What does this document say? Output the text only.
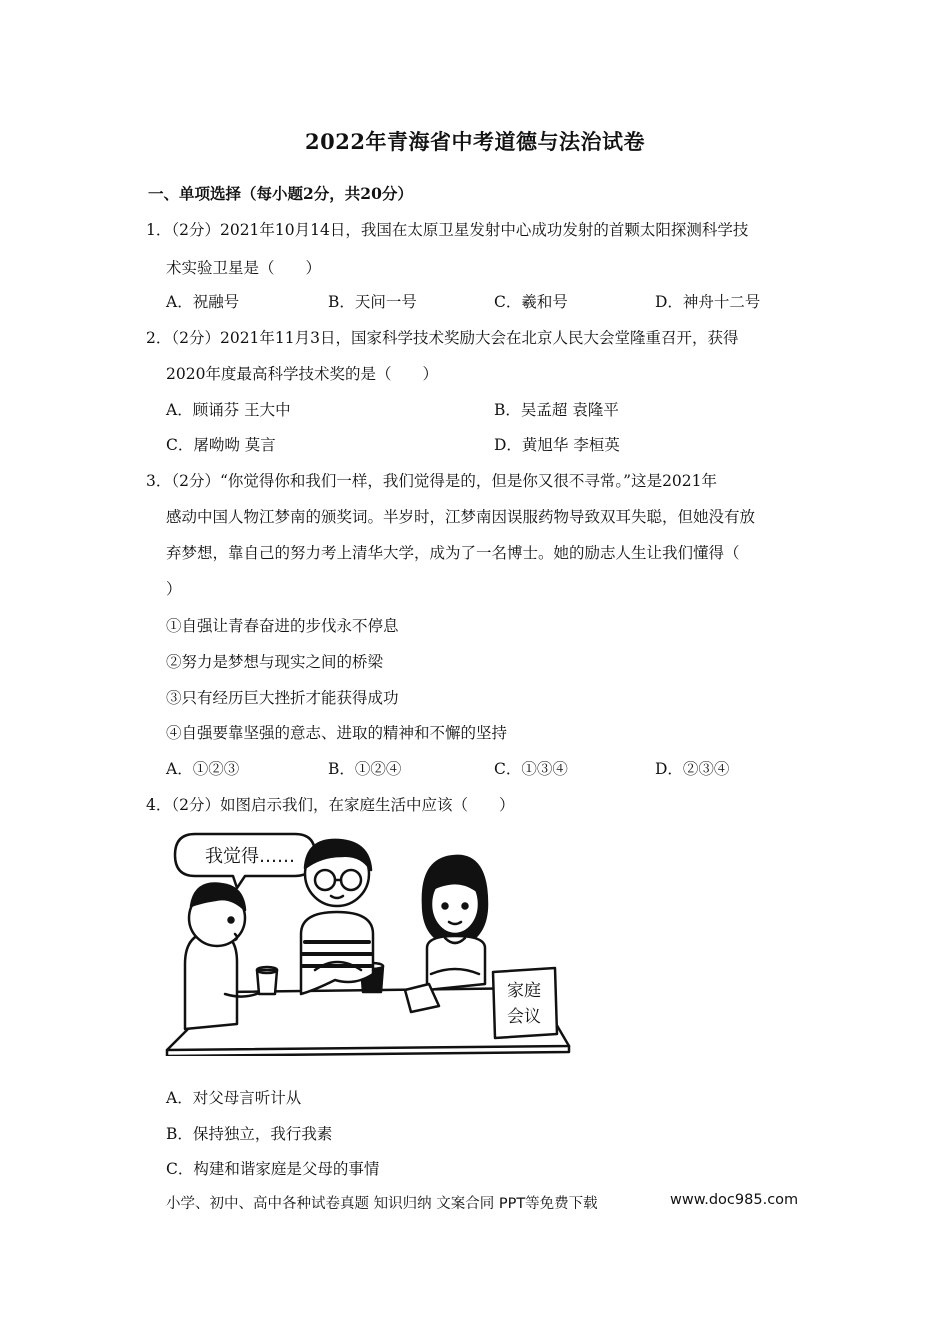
2022年青海省中考道德与法治试卷
一、单项选择（每小题2分，共20分）
1．（2分）2021年10月14日，我国在太原卫星发射中心成功发射的首颗太阳探测科学技
术实验卫星是（　　）
A．祝融号	B．天问一号	C．羲和号	D．神舟十二号
2．（2分）2021年11月3日，国家科学技术奖励大会在北京人民大会堂隆重召开，获得
2020年度最高科学技术奖的是（　　）
A．顾诵芬 王大中	B．吴孟超 袁隆平
C．屠呦呦 莫言	D．黄旭华 李桓英
3．（2分）“你觉得你和我们一样，我们觉得是的，但是你又很不寻常。”这是2021年
感动中国人物江梦南的颁奖词。半岁时，江梦南因误服药物导致双耳失聪，但她没有放
弃梦想，靠自己的努力考上清华大学，成为了一名博士。她的励志人生让我们懂得（
）
①自强让青春奋进的步伐永不停息
②努力是梦想与现实之间的桥梁
③只有经历巨大挫折才能获得成功
④自强要靠坚强的意志、进取的精神和不懈的坚持
A．①②③	B．①②④	C．①③④	D．②③④
4．（2分）如图启示我们，在家庭生活中应该（　　）
我觉得……
家庭
会议
A．对父母言听计从
B．保持独立，我行我素
C．构建和谐家庭是父母的事情
小学、初中、高中各种试卷真题 知识归纳 文案合同 PPT等免费下载	www.doc985.com
